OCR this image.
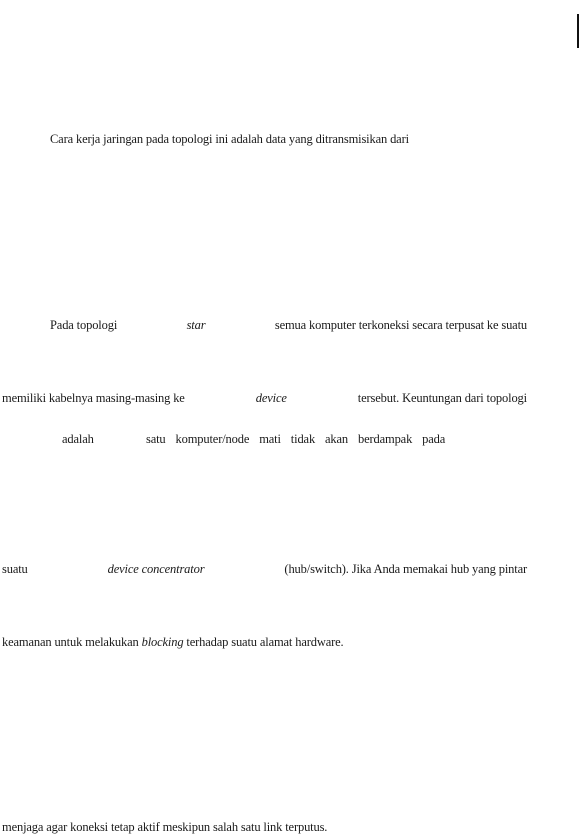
Cara kerja jaringan pada topologi ini adalah data yang ditransmisikan dari
Pada topologi	star	semua komputer terkoneksi secara terpusat ke suatu
memiliki kabelnya masing-masing ke	device	tersebut. Keuntungan dari topologi
adalah	satu komputer/node mati tidak akan berdampak pada
suatu	device concentrator	(hub/switch). Jika Anda memakai hub yang pintar
keamanan untuk melakukan blocking terhadap suatu alamat hardware.
menjaga agar koneksi tetap aktif meskipun salah satu link terputus.
